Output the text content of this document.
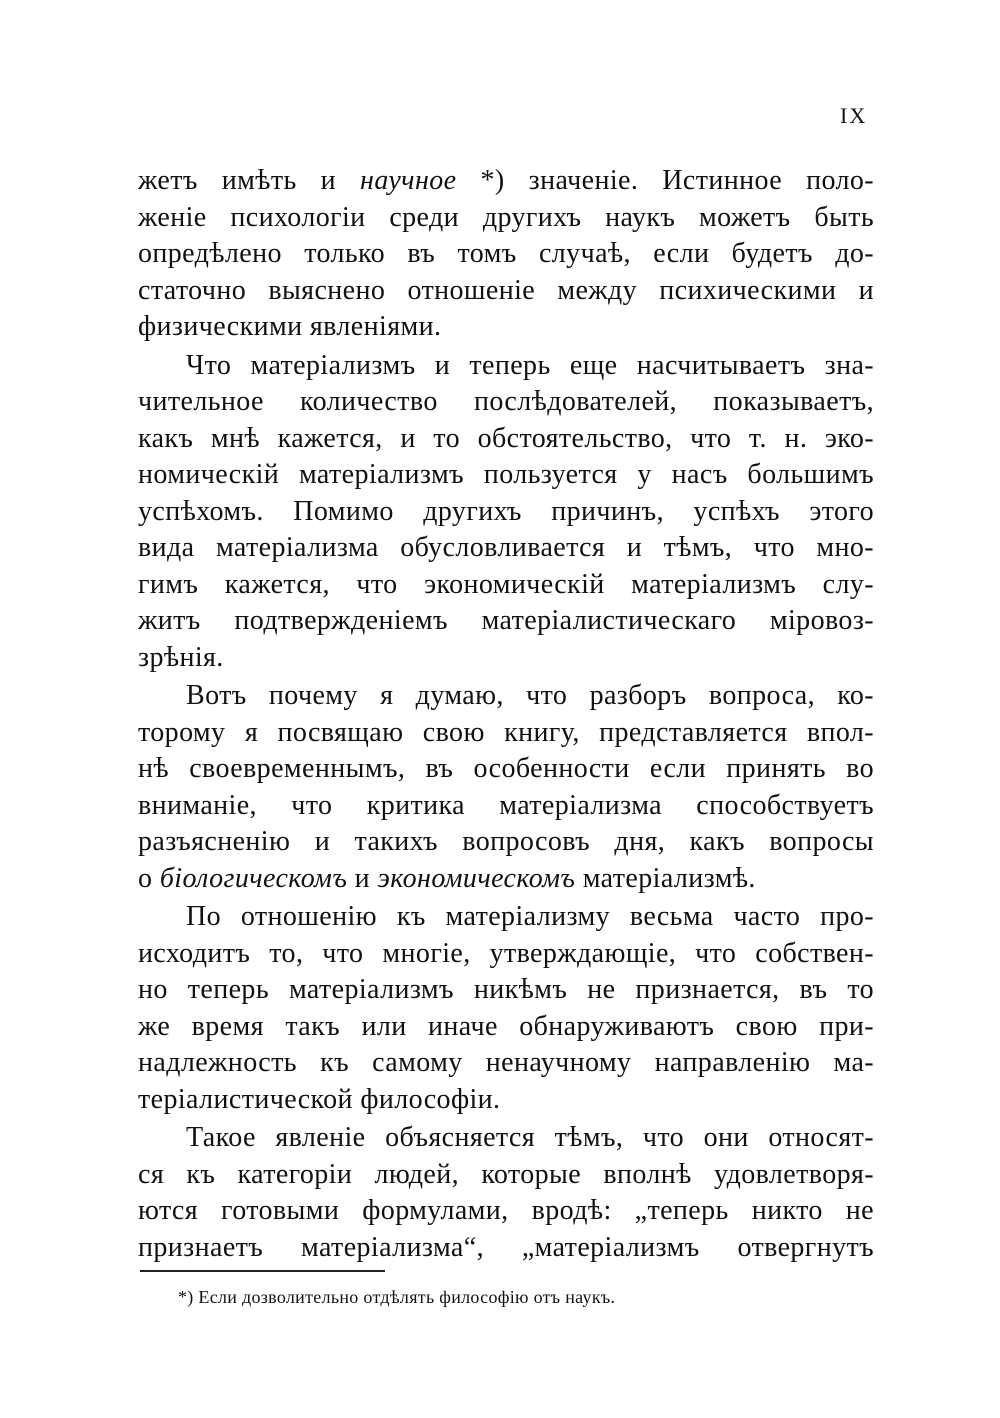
IX
жетъ имѣть и научное *) значеніе. Истинное поло-
женіе психологіи среди другихъ наукъ можетъ быть
опредѣлено только въ томъ случаѣ, если будетъ до-
статочно выяснено отношеніе между психическими и
физическими явленіями.
Что матеріализмъ и теперь еще насчитываетъ зна-
чительное количество послѣдователей, показываетъ,
какъ мнѣ кажется, и то обстоятельство, что т. н. эко-
номическій матеріализмъ пользуется у насъ большимъ
успѣхомъ. Помимо другихъ причинъ, успѣхъ этого
вида матеріализма обусловливается и тѣмъ, что мно-
гимъ кажется, что экономическій матеріализмъ слу-
житъ подтвержденіемъ матеріалистическаго міровоз-
зрѣнія.
Вотъ почему я думаю, что разборъ вопроса, ко-
торому я посвящаю свою книгу, представляется впол-
нѣ своевременнымъ, въ особенности если принять во
вниманіе, что критика матеріализма способствуетъ
разъясненію и такихъ вопросовъ дня, какъ вопросы
о біологическомъ и экономическомъ матеріализмѣ.
По отношенію къ матеріализму весьма часто про-
исходитъ то, что многіе, утверждающіе, что собствен-
но теперь матеріализмъ никѣмъ не признается, въ то
же время такъ или иначе обнаруживаютъ свою при-
надлежность къ самому ненаучному направленію ма-
теріалистической философіи.
Такое явленіе объясняется тѣмъ, что они относят-
ся къ категоріи людей, которые вполнѣ удовлетворя-
ются готовыми формулами, вродѣ: „теперь никто не
признаетъ матеріализма“, „матеріализмъ отвергнутъ
*) Если дозволительно отдѣлять философію отъ наукъ.
